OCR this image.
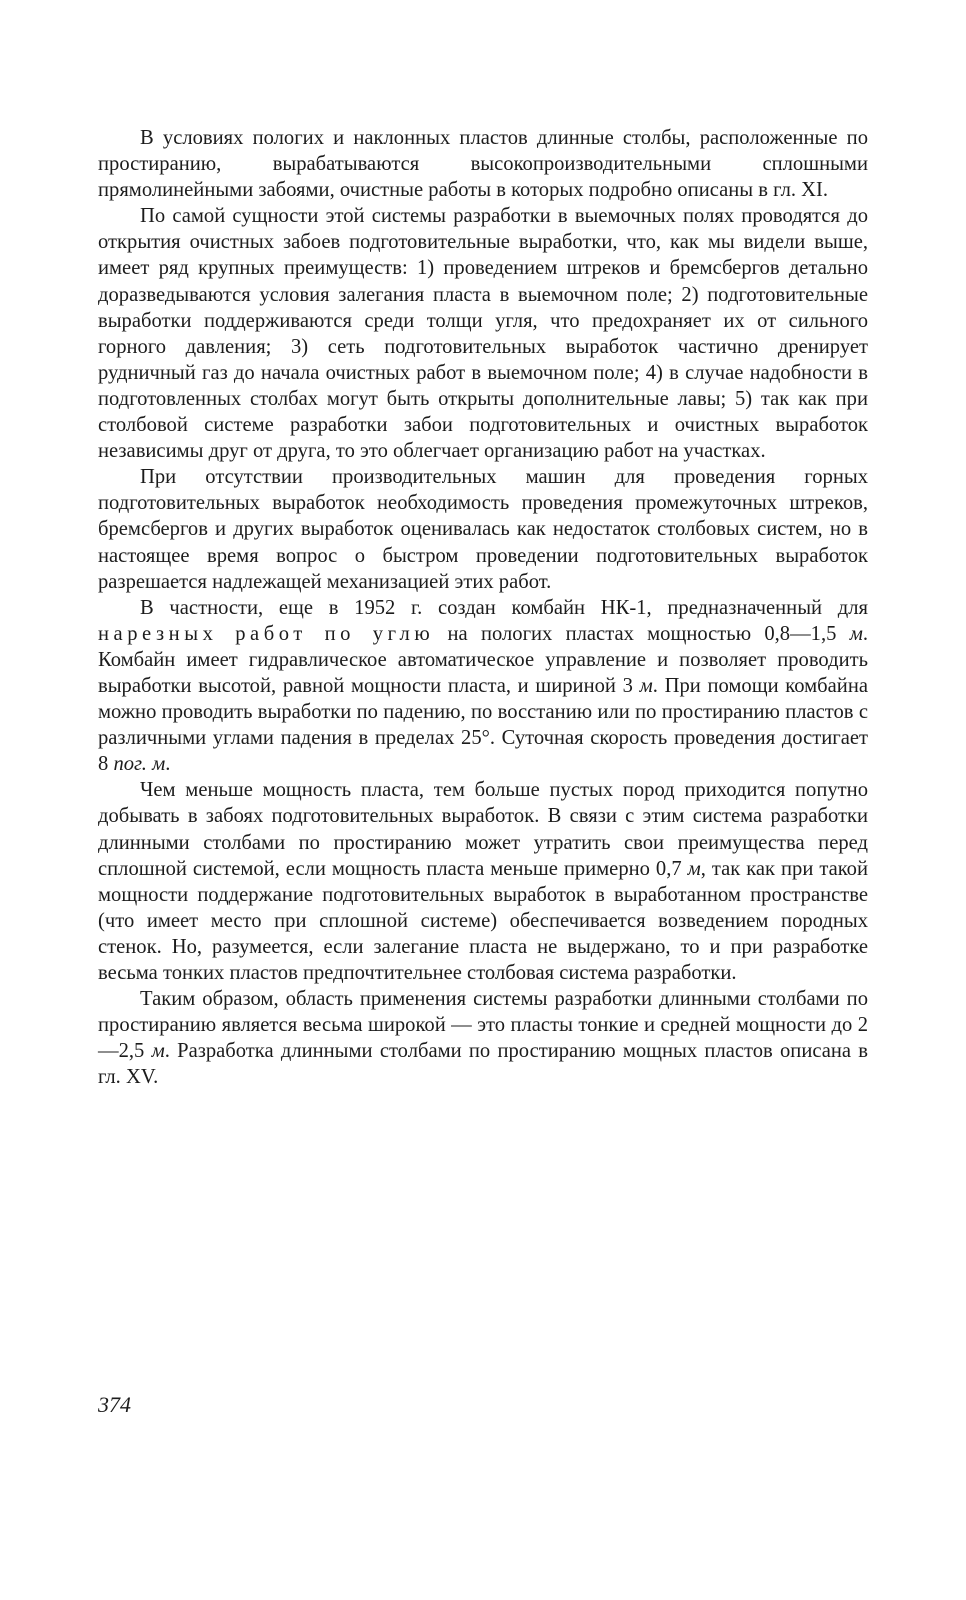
В условиях пологих и наклонных пластов длинные столбы, расположенные по простиранию, вырабатываются высокопроизводительными сплошными прямолинейными забоями, очистные работы в которых подробно описаны в гл. XI.

По самой сущности этой системы разработки в выемочных полях проводятся до открытия очистных забоев подготовительные выработки, что, как мы видели выше, имеет ряд крупных преимуществ: 1) проведением штреков и бремсбергов детально доразведываются условия залегания пласта в выемочном поле; 2) подготовительные выработки поддерживаются среди толщи угля, что предохраняет их от сильного горного давления; 3) сеть подготовительных выработок частично дренирует рудничный газ до начала очистных работ в выемочном поле; 4) в случае надобности в подготовленных столбах могут быть открыты дополнительные лавы; 5) так как при столбовой системе разработки забои подготовительных и очистных выработок независимы друг от друга, то это облегчает организацию работ на участках.

При отсутствии производительных машин для проведения горных подготовительных выработок необходимость проведения промежуточных штреков, бремсбергов и других выработок оценивалась как недостаток столбовых систем, но в настоящее время вопрос о быстром проведении подготовительных выработок разрешается надлежащей механизацией этих работ.

В частности, еще в 1952 г. создан комбайн НК-1, предназначенный для нарезных работ по углю на пологих пластах мощностью 0,8—1,5 м. Комбайн имеет гидравлическое автоматическое управление и позволяет проводить выработки высотой, равной мощности пласта, и шириной 3 м. При помощи комбайна можно проводить выработки по падению, по восстанию или по простиранию пластов с различными углами падения в пределах 25°. Суточная скорость проведения достигает 8 пог. м.

Чем меньше мощность пласта, тем больше пустых пород приходится попутно добывать в забоях подготовительных выработок. В связи с этим система разработки длинными столбами по простиранию может утратить свои преимущества перед сплошной системой, если мощность пласта меньше примерно 0,7 м, так как при такой мощности поддержание подготовительных выработок в выработанном пространстве (что имеет место при сплошной системе) обеспечивается возведением породных стенок. Но, разумеется, если залегание пласта не выдержано, то и при разработке весьма тонких пластов предпочтительнее столбовая система разработки.

Таким образом, область применения системы разработки длинными столбами по простиранию является весьма широкой — это пласты тонкие и средней мощности до 2—2,5 м. Разработка длинными столбами по простиранию мощных пластов описана в гл. XV.

374
